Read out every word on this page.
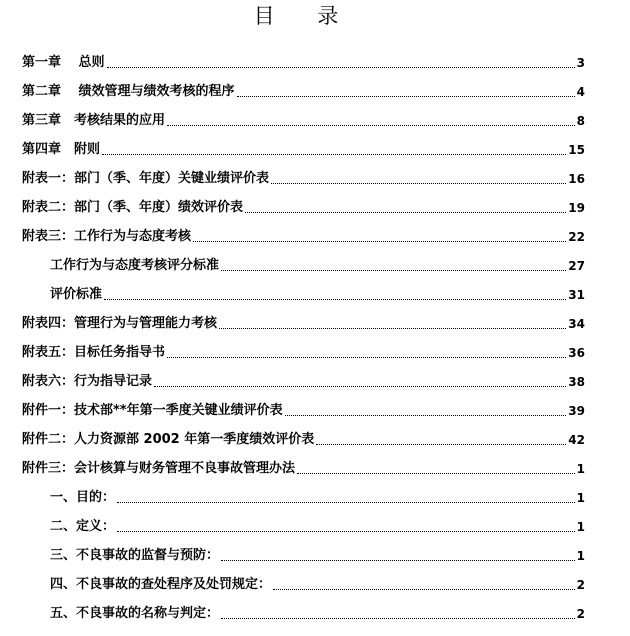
目 录
第一章　 总则	3
第二章　 绩效管理与绩效考核的程序	4
第三章　考核结果的应用	8
第四章　附则	15
附表一：部门（季、年度）关键业绩评价表	16
附表二：部门（季、年度）绩效评价表	19
附表三：工作行为与态度考核	22
工作行为与态度考核评分标准	27
评价标准	31
附表四：管理行为与管理能力考核	34
附表五：目标任务指导书	36
附表六：行为指导记录	38
附件一：技术部**年第一季度关键业绩评价表	39
附件二：人力资源部 2002 年第一季度绩效评价表	42
附件三：会计核算与财务管理不良事故管理办法	1
一、目的：	1
二、定义：	1
三、不良事故的监督与预防：	1
四、不良事故的查处程序及处罚规定：	2
五、不良事故的名称与判定：	2
